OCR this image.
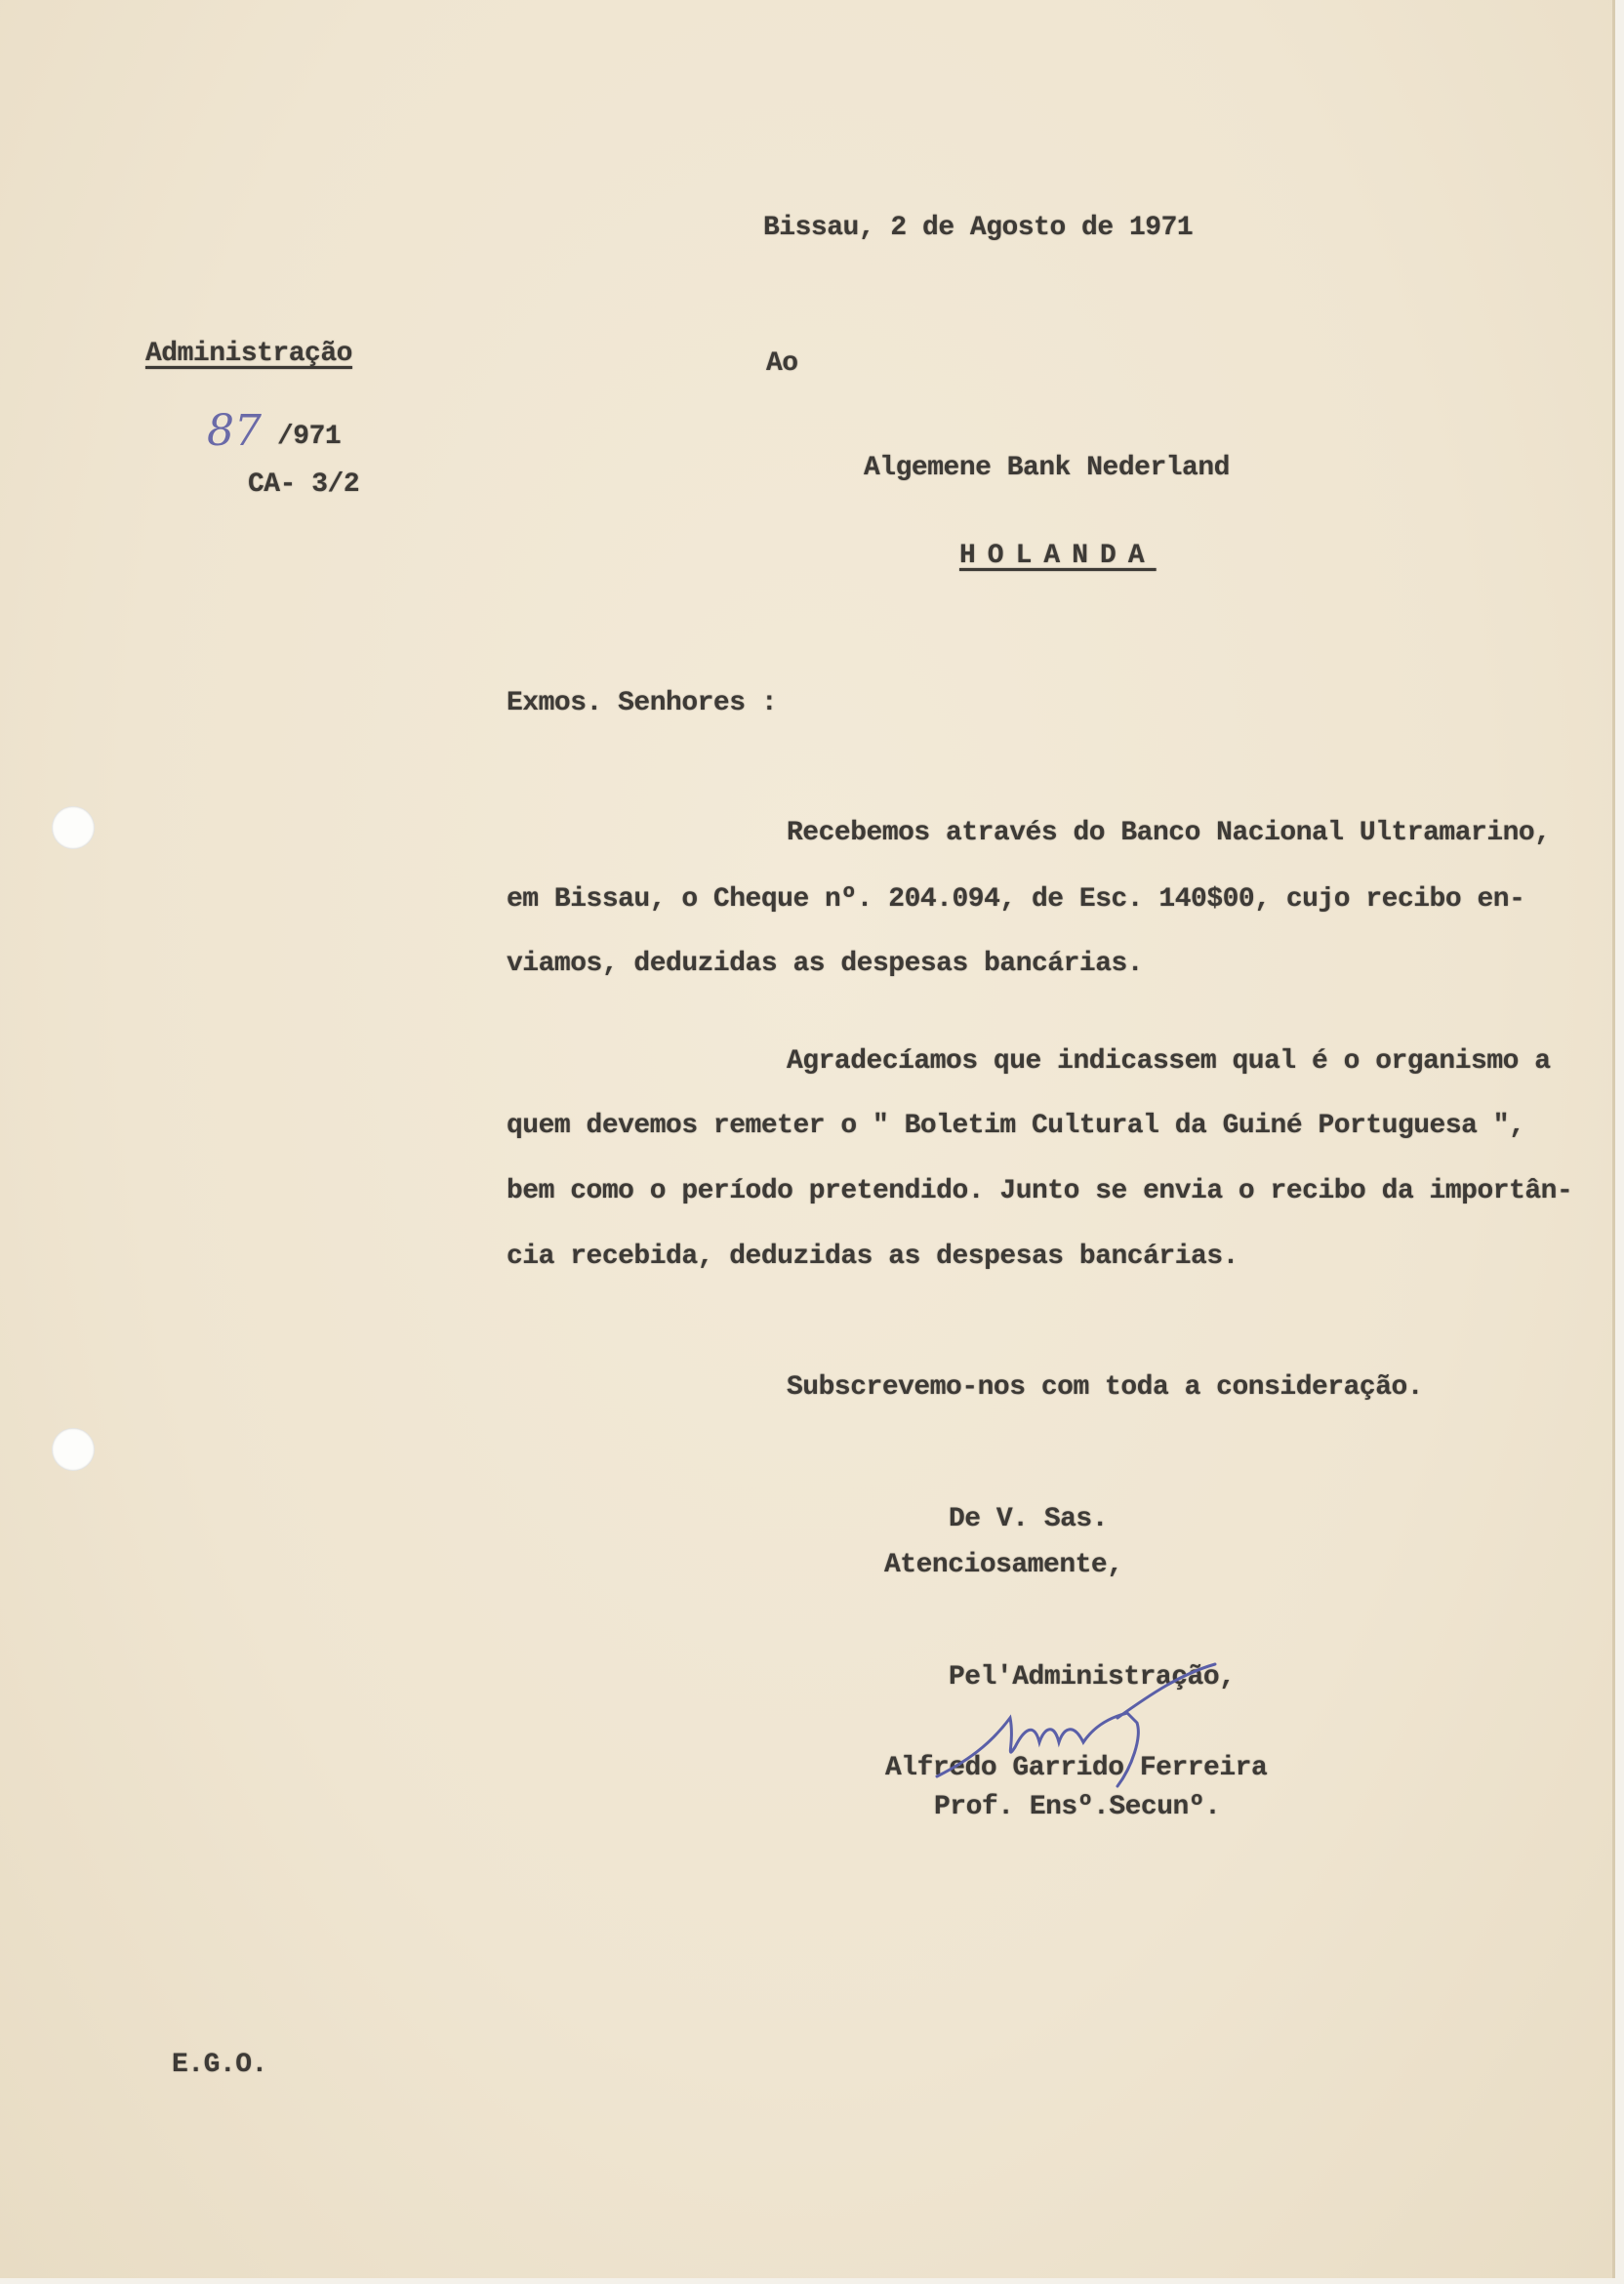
Bissau, 2 de Agosto de 1971
Administração
87 /971
CA- 3/2
Ao
Algemene Bank Nederland
HOLANDA
Exmos. Senhores :
Recebemos através do Banco Nacional Ultramarino,
em Bissau, o Cheque nº. 204.094, de Esc. 140$00, cujo recibo en-
viamos, deduzidas as despesas bancárias.
Agradecíamos que indicassem qual é o organismo a
quem devemos remeter o " Boletim Cultural da Guiné Portuguesa ",
bem como o período pretendido. Junto se envia o recibo da importân-
cia recebida, deduzidas as despesas bancárias.
Subscrevemo-nos com toda a consideração.
De V. Sas.
Atenciosamente,
Pel'Administração,
Alfredo Garrido Ferreira
Prof. Ensº.Secunº.
E.G.O.
